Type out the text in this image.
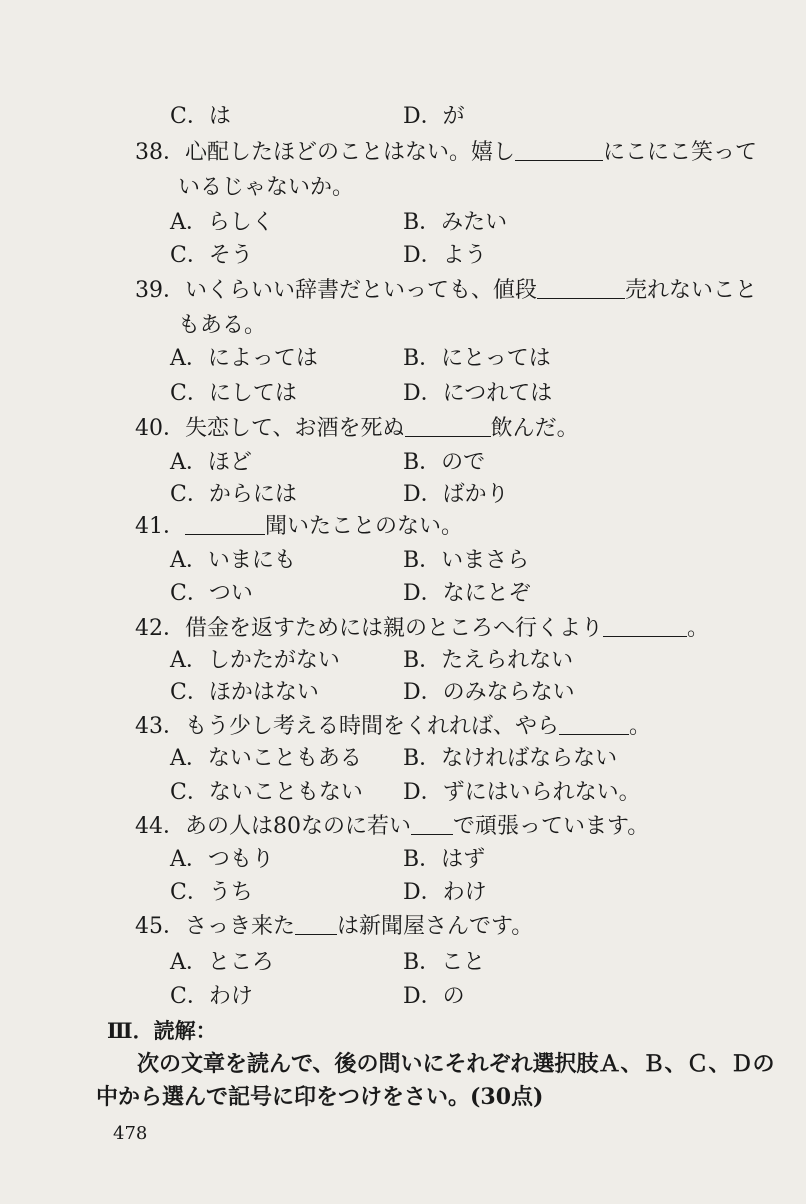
C．は	D．が
38．心配したほどのことはない。嬉し	にこにこ笑って
いるじゃないか。
A．らしく	B．みたい
C．そう	D．よう
39．いくらいい辞書だといっても、値段	売れないこと
もある。
A．によっては	B．にとっては
C．にしては	D．につれては
40．失恋して、お酒を死ぬ	飲んだ。
A．ほど	B．ので
C．からには	D．ばかり
41．	聞いたことのない。
A．いまにも	B．いまさら
C．つい	D．なにとぞ
42．借金を返すためには親のところへ行くより	。
A．しかたがない	B．たえられない
C．ほかはない	D．のみならない
43．もう少し考える時間をくれれば、やら	。
A．ないこともある B．なければならない
C．ないこともない D．ずにはいられない。
44．あの人は80なのに若い で頑張っています。
A．つもり	B．はず
C．うち	D．わけ
45．さっき来た は新聞屋さんです。
A．ところ	B．こと
C．わけ	D．の
Ⅲ．読解：
次の文章を読んで、後の問いにそれぞれ選択肢Ａ、Ｂ、Ｃ、Ｄの
中から選んで記号に印をつけをさい。(30点)
478
